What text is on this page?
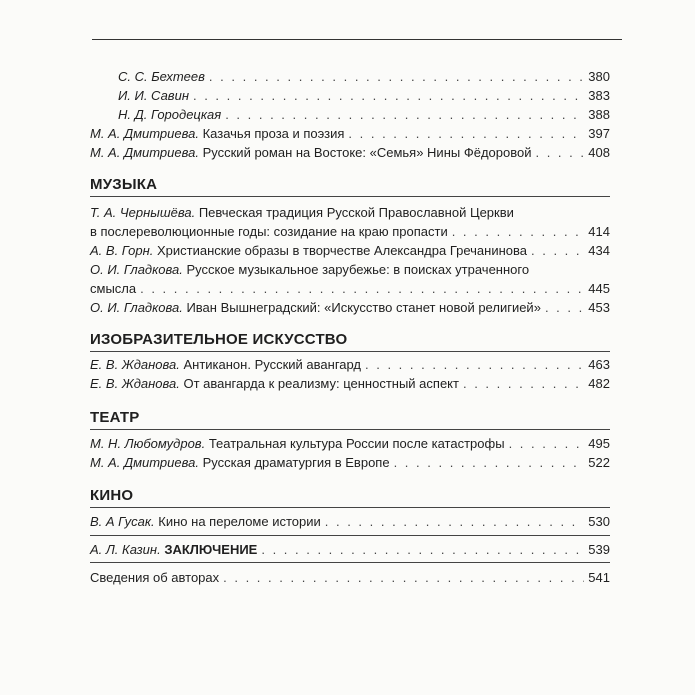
С. С. Бехтеев . . .	380
И. И. Савин . . .	383
Н. Д. Городецкая . . .	388
М. А. Дмитриева. Казачья проза и поэзия . . .	397
М. А. Дмитриева. Русский роман на Востоке: «Семья» Нины Фёдоровой . . .	408
МУЗЫКА
Т. А. Чернышёва. Певческая традиция Русской Православной Церкви
в послереволюционные годы: созидание на краю пропасти . . .	414
А. В. Горн. Христианские образы в творчестве Александра Гречанинова . . .	434
О. И. Гладкова. Русское музыкальное зарубежье: в поисках утраченного
смысла . . .	445
О. И. Гладкова. Иван Вышнеградский: «Искусство станет новой религией» . . .	453
ИЗОБРАЗИТЕЛЬНОЕ ИСКУССТВО
Е. В. Жданова. Антиканон. Русский авангард . . .	463
Е. В. Жданова. От авангарда к реализму: ценностный аспект . . .	482
ТЕАТР
М. Н. Любомудров. Театральная культура России после катастрофы . . .	495
М. А. Дмитриева. Русская драматургия в Европе . . .	522
КИНО
В. А Гусак. Кино на переломе истории . . .	530
А. Л. Казин. ЗАКЛЮЧЕНИЕ . . .	539
Сведения об авторах . . .	541
